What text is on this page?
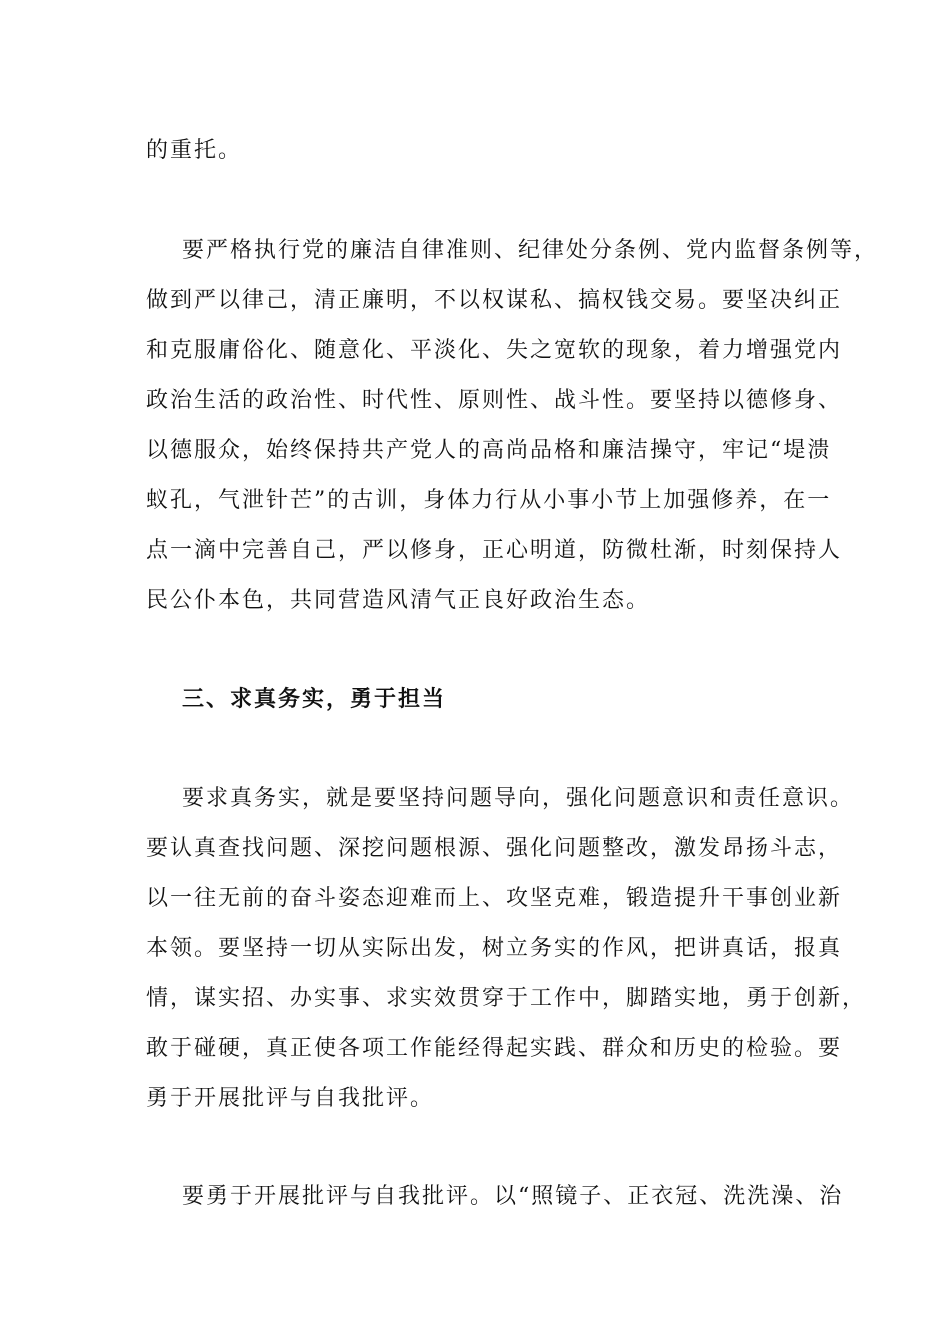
的重托。
要严格执行党的廉洁自律准则、纪律处分条例、党内监督条例等，
做到严以律己，清正廉明，不以权谋私、搞权钱交易。要坚决纠正
和克服庸俗化、随意化、平淡化、失之宽软的现象，着力增强党内
政治生活的政治性、时代性、原则性、战斗性。要坚持以德修身、
以德服众，始终保持共产党人的高尚品格和廉洁操守，牢记“堤溃
蚁孔，气泄针芒”的古训，身体力行从小事小节上加强修养，在一
点一滴中完善自己，严以修身，正心明道，防微杜渐，时刻保持人
民公仆本色，共同营造风清气正良好政治生态。
三、求真务实，勇于担当
要求真务实，就是要坚持问题导向，强化问题意识和责任意识。
要认真查找问题、深挖问题根源、强化问题整改，激发昂扬斗志，
以一往无前的奋斗姿态迎难而上、攻坚克难，锻造提升干事创业新
本领。要坚持一切从实际出发，树立务实的作风，把讲真话，报真
情，谋实招、办实事、求实效贯穿于工作中，脚踏实地，勇于创新，
敢于碰硬，真正使各项工作能经得起实践、群众和历史的检验。要
勇于开展批评与自我批评。
要勇于开展批评与自我批评。以“照镜子、正衣冠、洗洗澡、治
